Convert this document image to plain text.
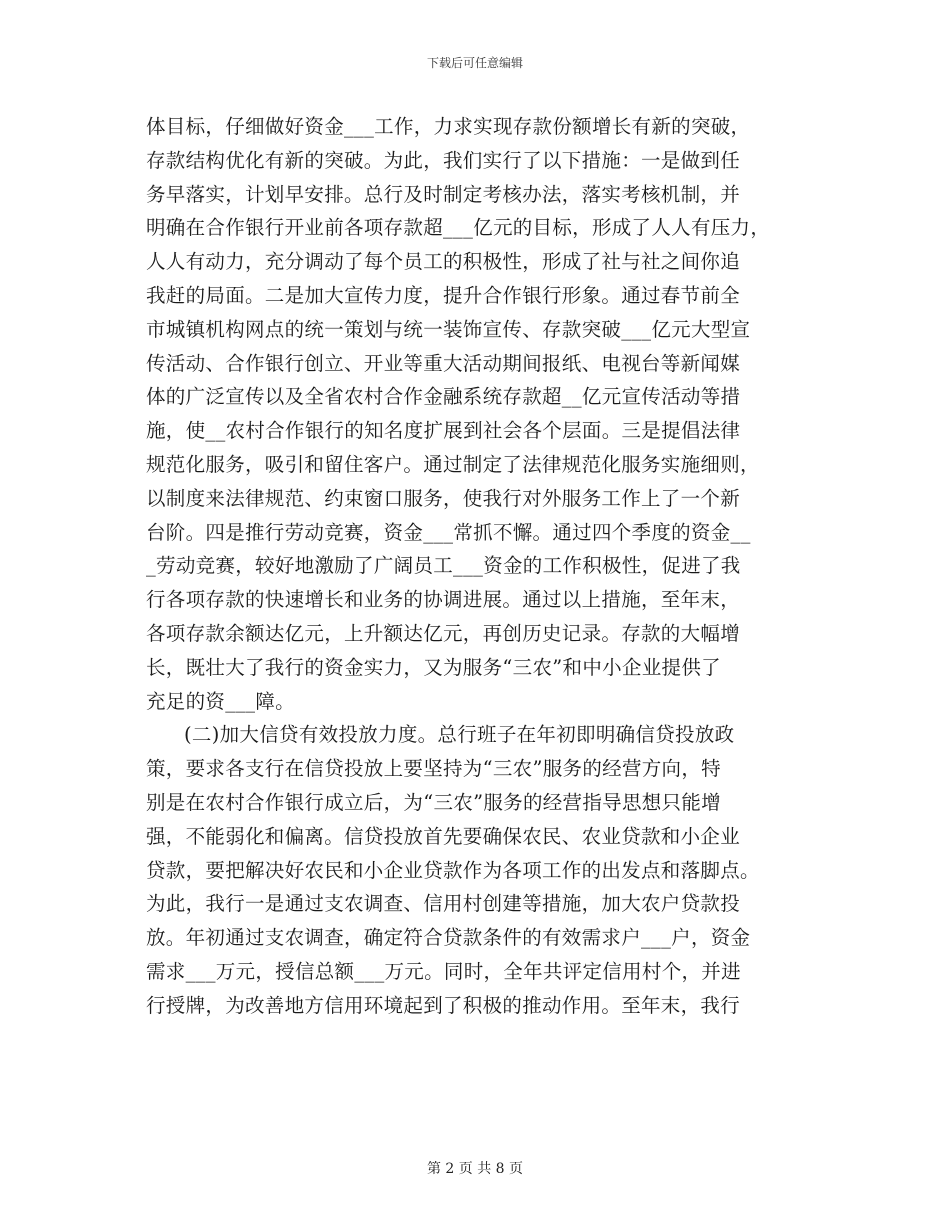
下载后可任意编辑
体目标，仔细做好资金___工作，力求实现存款份额增长有新的突破，
存款结构优化有新的突破。为此，我们实行了以下措施：一是做到任
务早落实，计划早安排。总行及时制定考核办法，落实考核机制，并
明确在合作银行开业前各项存款超___亿元的目标，形成了人人有压力，
人人有动力，充分调动了每个员工的积极性，形成了社与社之间你追
我赶的局面。二是加大宣传力度，提升合作银行形象。通过春节前全
市城镇机构网点的统一策划与统一装饰宣传、存款突破___亿元大型宣
传活动、合作银行创立、开业等重大活动期间报纸、电视台等新闻媒
体的广泛宣传以及全省农村合作金融系统存款超__亿元宣传活动等措
施，使__农村合作银行的知名度扩展到社会各个层面。三是提倡法律
规范化服务，吸引和留住客户。通过制定了法律规范化服务实施细则，
以制度来法律规范、约束窗口服务，使我行对外服务工作上了一个新
台阶。四是推行劳动竞赛，资金___常抓不懈。通过四个季度的资金__
_劳动竞赛，较好地激励了广阔员工___资金的工作积极性，促进了我
行各项存款的快速增长和业务的协调进展。通过以上措施，至年末，
各项存款余额达亿元，上升额达亿元，再创历史记录。存款的大幅增
长，既壮大了我行的资金实力，又为服务“三农”和中小企业提供了
充足的资___障。
(二)加大信贷有效投放力度。总行班子在年初即明确信贷投放政
策，要求各支行在信贷投放上要坚持为“三农”服务的经营方向，特
别是在农村合作银行成立后，为“三农”服务的经营指导思想只能增
强，不能弱化和偏离。信贷投放首先要确保农民、农业贷款和小企业
贷款，要把解决好农民和小企业贷款作为各项工作的出发点和落脚点。
为此，我行一是通过支农调查、信用村创建等措施，加大农户贷款投
放。年初通过支农调查，确定符合贷款条件的有效需求户___户，资金
需求___万元，授信总额___万元。同时，全年共评定信用村个，并进
行授牌，为改善地方信用环境起到了积极的推动作用。至年末，我行
第 2 页 共 8 页
